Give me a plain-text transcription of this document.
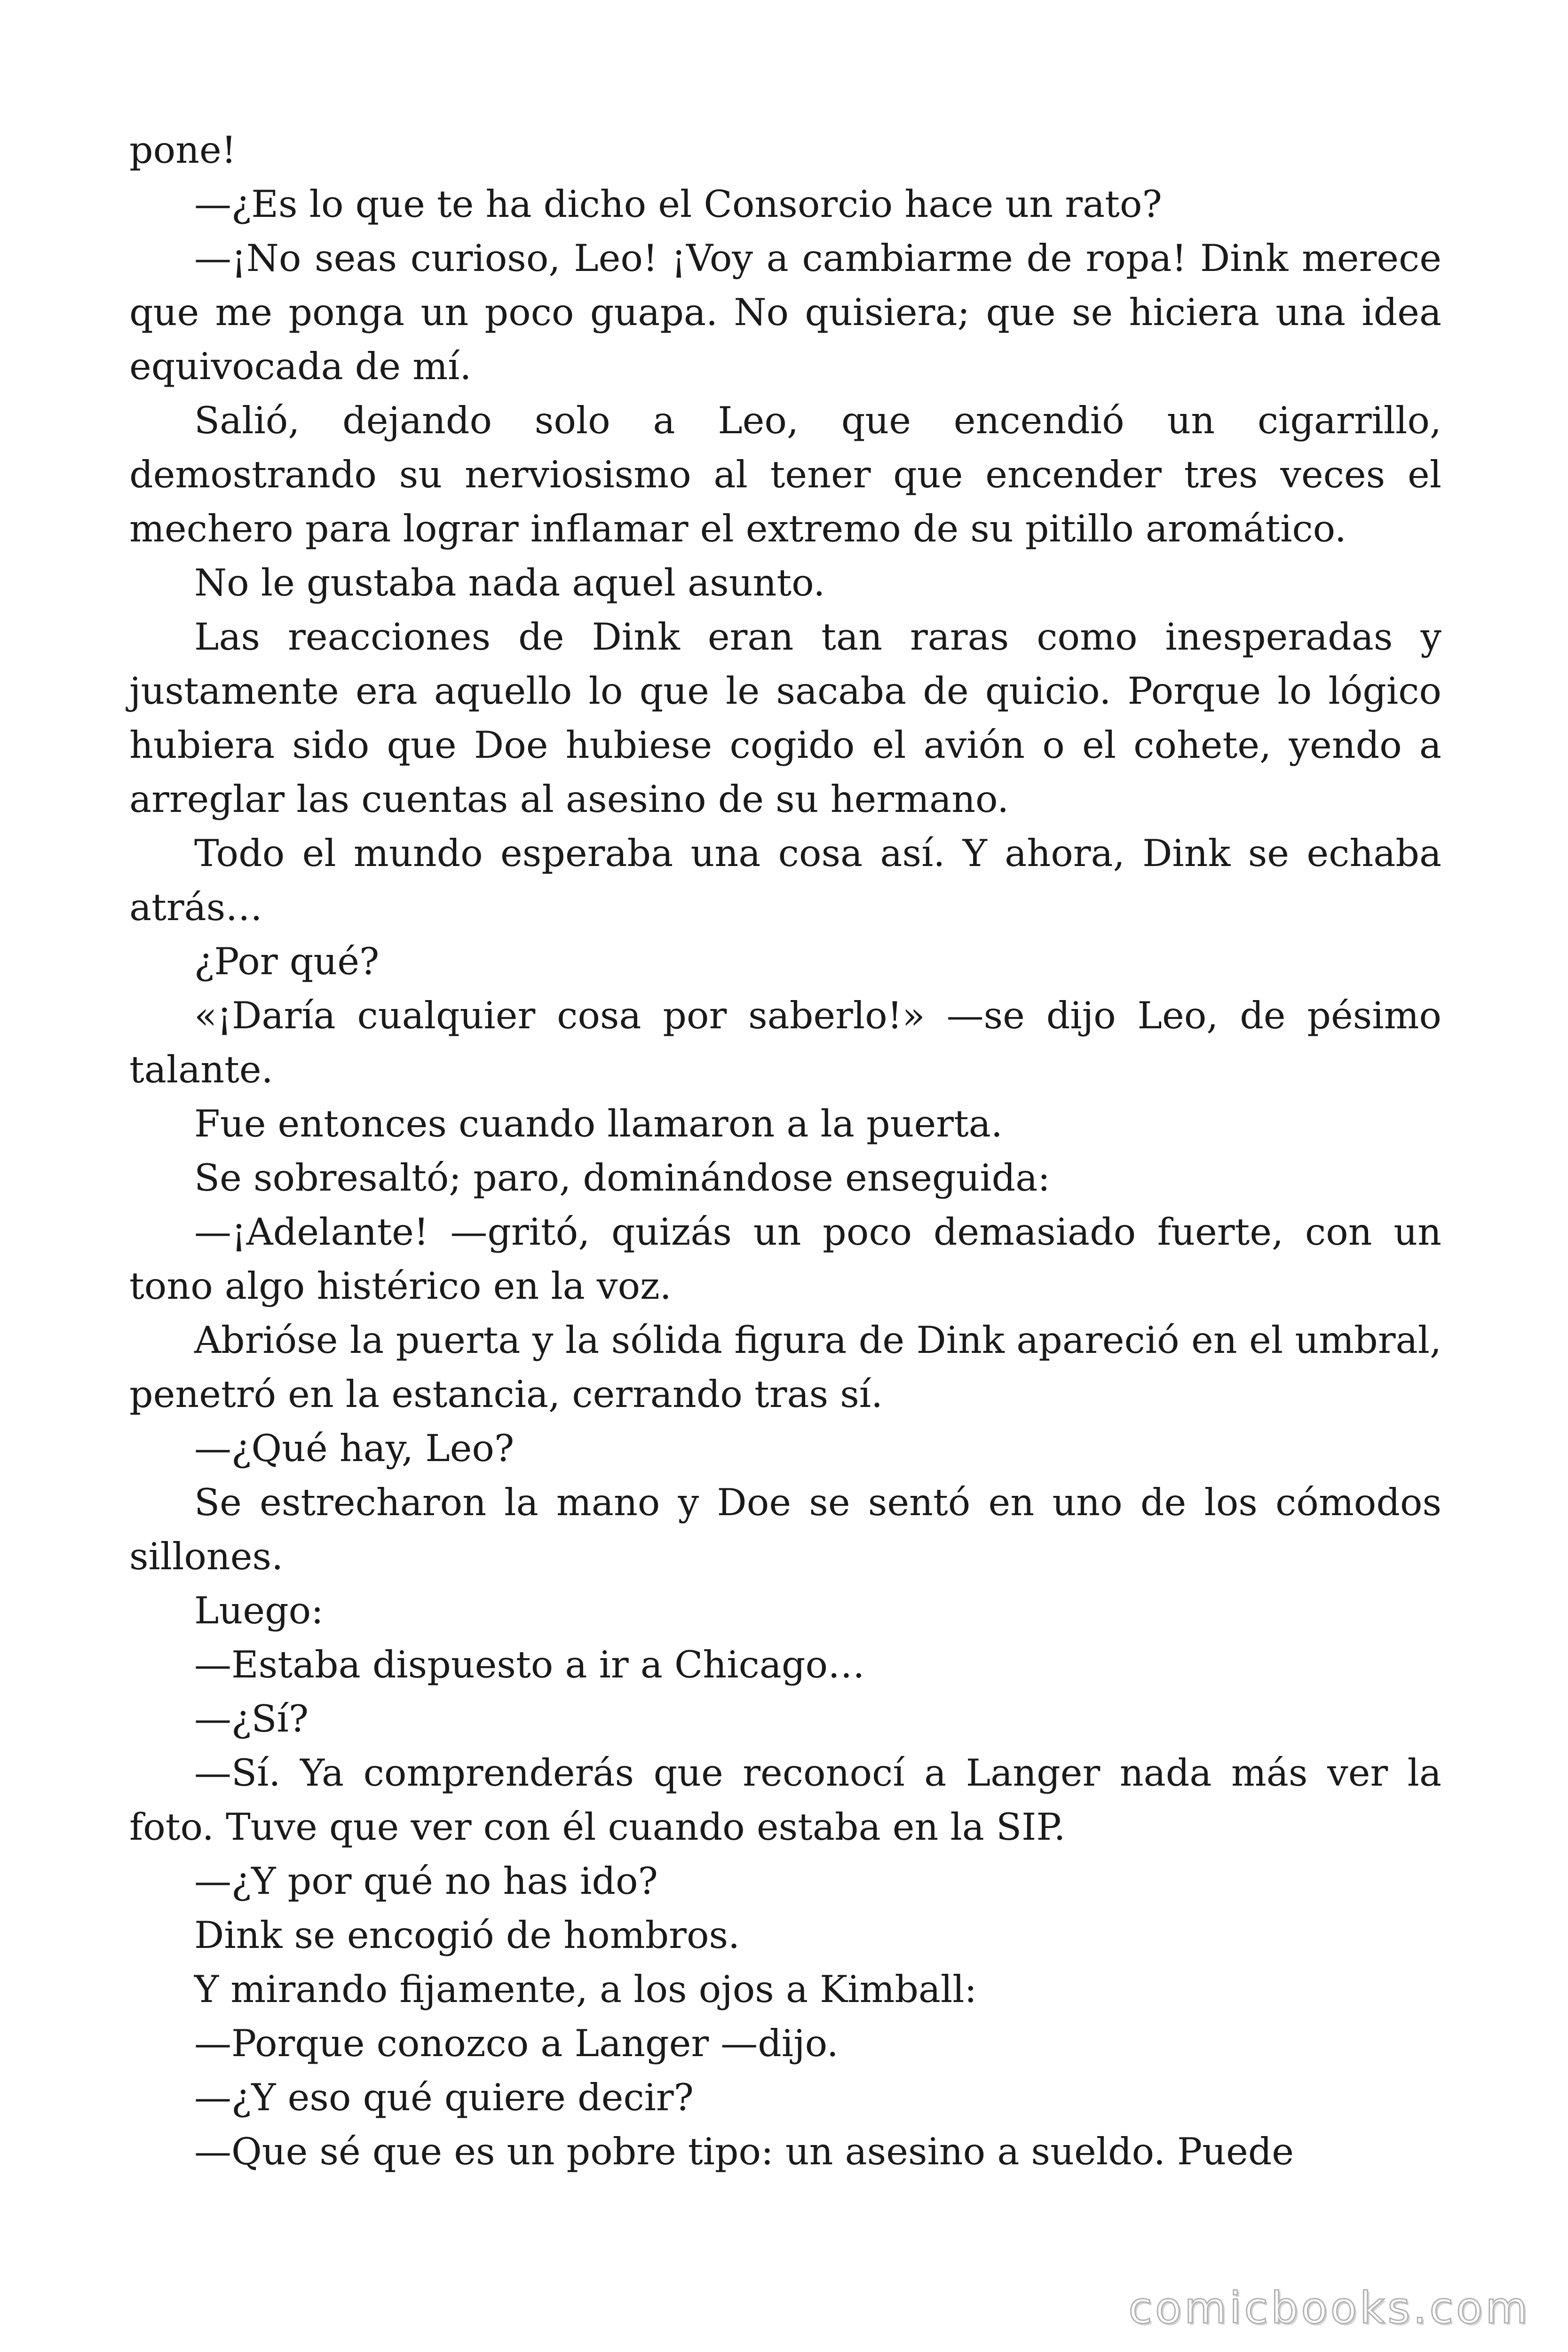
pone!

—¿Es lo que te ha dicho el Consorcio hace un rato?

—¡No seas curioso, Leo! ¡Voy a cambiarme de ropa! Dink merece que me ponga un poco guapa. No quisiera; que se hiciera una idea equivocada de mí.

Salió, dejando solo a Leo, que encendió un cigarrillo, demostrando su nerviosismo al tener que encender tres veces el mechero para lograr inflamar el extremo de su pitillo aromático.

No le gustaba nada aquel asunto.

Las reacciones de Dink eran tan raras como inesperadas y justamente era aquello lo que le sacaba de quicio. Porque lo lógico hubiera sido que Doe hubiese cogido el avión o el cohete, yendo a arreglar las cuentas al asesino de su hermano.

Todo el mundo esperaba una cosa así. Y ahora, Dink se echaba atrás…

¿Por qué?

«¡Daría cualquier cosa por saberlo!» —se dijo Leo, de pésimo talante.

Fue entonces cuando llamaron a la puerta.

Se sobresaltó; paro, dominándose enseguida:

—¡Adelante! —gritó, quizás un poco demasiado fuerte, con un tono algo histérico en la voz.

Abrióse la puerta y la sólida figura de Dink apareció en el umbral, penetró en la estancia, cerrando tras sí.

—¿Qué hay, Leo?

Se estrecharon la mano y Doe se sentó en uno de los cómodos sillones.

Luego:

—Estaba dispuesto a ir a Chicago…

—¿Sí?

—Sí. Ya comprenderás que reconocí a Langer nada más ver la foto. Tuve que ver con él cuando estaba en la SIP.

—¿Y por qué no has ido?

Dink se encogió de hombros.

Y mirando fijamente, a los ojos a Kimball:

—Porque conozco a Langer —dijo.

—¿Y eso qué quiere decir?

—Que sé que es un pobre tipo: un asesino a sueldo. Puede

comicbooks.com
